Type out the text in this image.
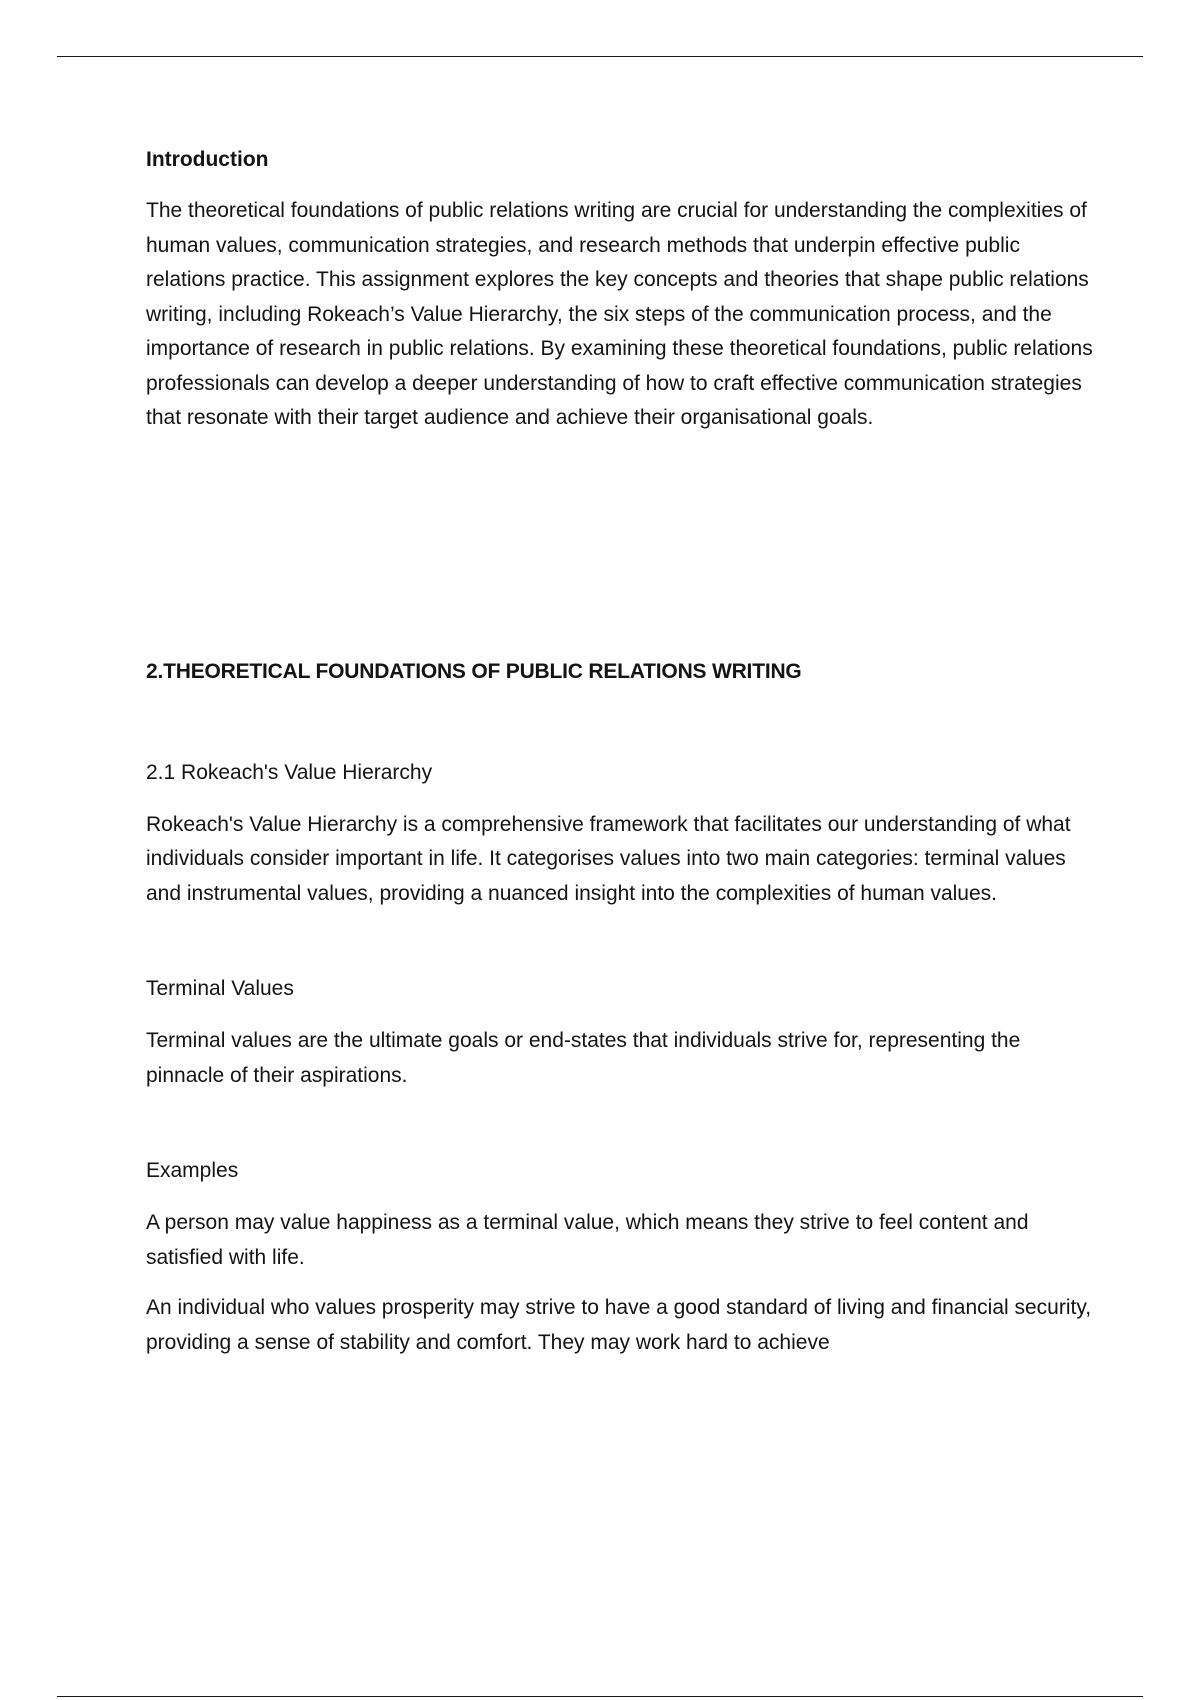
Introduction

The theoretical foundations of public relations writing are crucial for understanding the complexities of human values, communication strategies, and research methods that underpin effective public relations practice. This assignment explores the key concepts and theories that shape public relations writing, including Rokeach’s Value Hierarchy, the six steps of the communication process, and the importance of research in public relations. By examining these theoretical foundations, public relations professionals can develop a deeper understanding of how to craft effective communication strategies that resonate with their target audience and achieve their organisational goals.

2.THEORETICAL FOUNDATIONS OF PUBLIC RELATIONS WRITING

2.1 Rokeach's Value Hierarchy

Rokeach's Value Hierarchy is a comprehensive framework that facilitates our understanding of what individuals consider important in life. It categorises values into two main categories: terminal values and instrumental values, providing a nuanced insight into the complexities of human values.

Terminal Values

Terminal values are the ultimate goals or end-states that individuals strive for, representing the pinnacle of their aspirations.

Examples

A person may value happiness as a terminal value, which means they strive to feel content and satisfied with life.

An individual who values prosperity may strive to have a good standard of living and financial security, providing a sense of stability and comfort. They may work hard to achieve
